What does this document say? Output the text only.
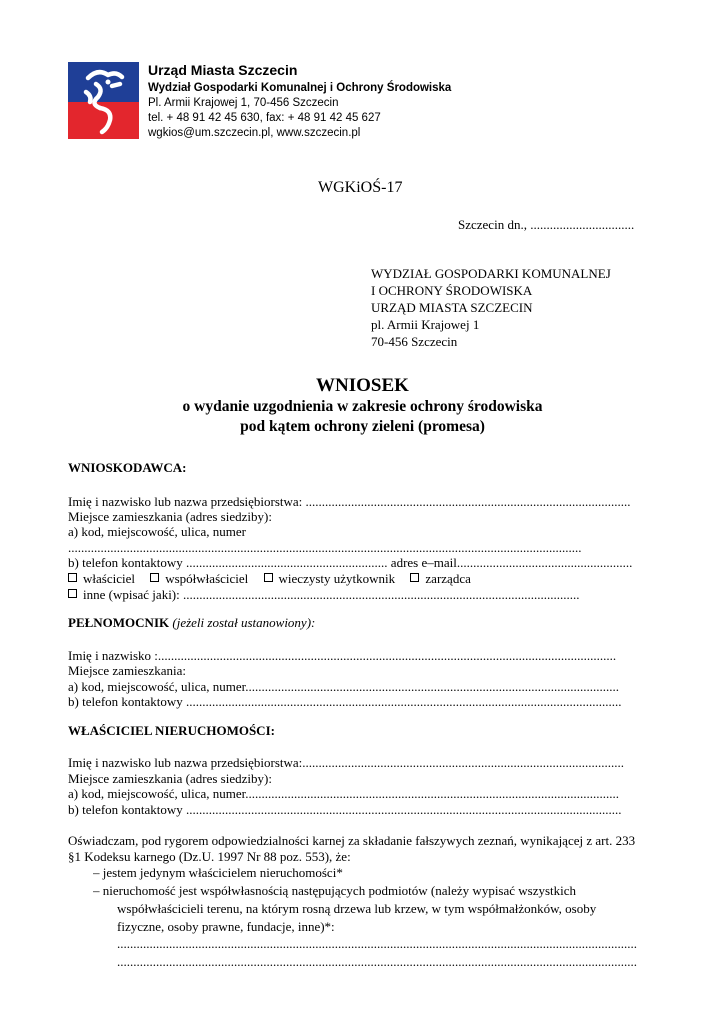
Urząd Miasta Szczecin
Wydział Gospodarki Komunalnej i Ochrony Środowiska
Pl. Armii Krajowej 1, 70-456 Szczecin
tel. + 48 91 42 45 630, fax: + 48 91 42 45 627
wgkios@um.szczecin.pl, www.szczecin.pl
WGKiOŚ-17
Szczecin dn., ................................
WYDZIAŁ GOSPODARKI KOMUNALNEJ
I OCHRONY ŚRODOWISKA
URZĄD MIASTA SZCZECIN
pl. Armii Krajowej 1
70-456 Szczecin
WNIOSEK
o wydanie uzgodnienia w zakresie ochrony środowiska
pod kątem ochrony zieleni (promesa)
WNIOSKODAWCA:
Imię i nazwisko lub nazwa przedsiębiorstwa: ....................................................................................................
Miejsce zamieszkania (adres siedziby):
a) kod, miejscowość, ulica, numer
..............................................................................................................................................................
b) telefon kontaktowy .............................................................. adres e–mail......................................................
właściciel współwłaściciel wieczysty użytkownik zarządca
inne (wpisać jaki): ..........................................................................................................................
PEŁNOMOCNIK (jeżeli został ustanowiony):
Imię i nazwisko :.............................................................................................................................................
Miejsce zamieszkania:
a) kod, miejscowość, ulica, numer...................................................................................................................
b) telefon kontaktowy ......................................................................................................................................
WŁAŚCICIEL NIERUCHOMOŚCI:
Imię i nazwisko lub nazwa przedsiębiorstwa:...................................................................................................
Miejsce zamieszkania (adres siedziby):
a) kod, miejscowość, ulica, numer...................................................................................................................
b) telefon kontaktowy ......................................................................................................................................
Oświadczam, pod rygorem odpowiedzialności karnej za składanie fałszywych zeznań, wynikającej z art. 233
§1 Kodeksu karnego (Dz.U. 1997 Nr 88 poz. 553), że:
– jestem jedynym właścicielem nieruchomości*
– nieruchomość jest współwłasnością następujących podmiotów (należy wypisać wszystkich
współwłaścicieli terenu, na którym rosną drzewa lub krzew, w tym współmałżonków, osoby
fizyczne, osoby prawne, fundacje, inne)*:
................................................................................................................................................................
................................................................................................................................................................
